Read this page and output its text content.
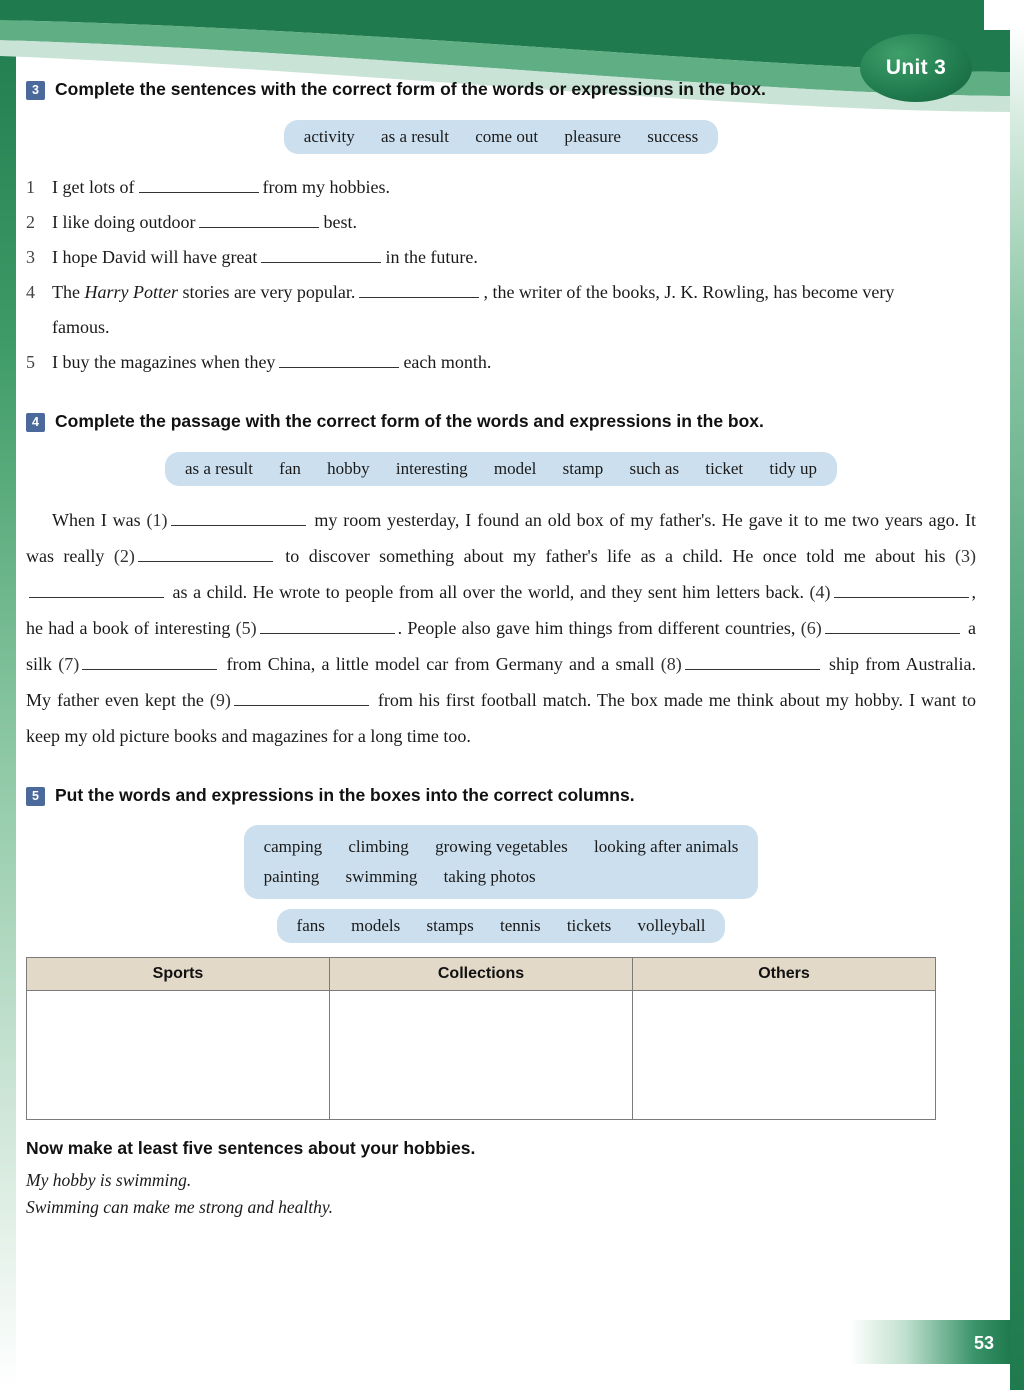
Unit 3
3 Complete the sentences with the correct form of the words or expressions in the box.
activity as a result come out pleasure success
1 I get lots of	from my hobbies.
2 I like doing outdoor	best.
3 I hope David will have great	in the future.
4 The Harry Potter stories are very popular.	, the writer of the books, J. K. Rowling, has become very famous.
5 I buy the magazines when they	each month.
4 Complete the passage with the correct form of the words and expressions in the box.
as a result fan hobby interesting model stamp such as ticket tidy up
When I was (1)	my room yesterday, I found an old box of my father's. He gave it to me two years ago. It was really (2)	to discover something about my father's life as a child. He once told me about his (3) as a child. He wrote to people from all over the world, and they sent him letters back. (4)	, he had a book of interesting (5)	. People also gave him things from different countries, (6)	a silk (7)	from China, a little model car from Germany and a small (8)	ship from Australia. My father even kept the (9)	from his first football match. The box made me think about my hobby. I want to keep my old picture books and magazines for a long time too.
5 Put the words and expressions in the boxes into the correct columns.
camping climbing growing vegetables looking after animals
painting swimming taking photos
fans models stamps tennis tickets volleyball
Sports	Collections	Others

Now make at least five sentences about your hobbies.
My hobby is swimming.
Swimming can make me strong and healthy.
53
